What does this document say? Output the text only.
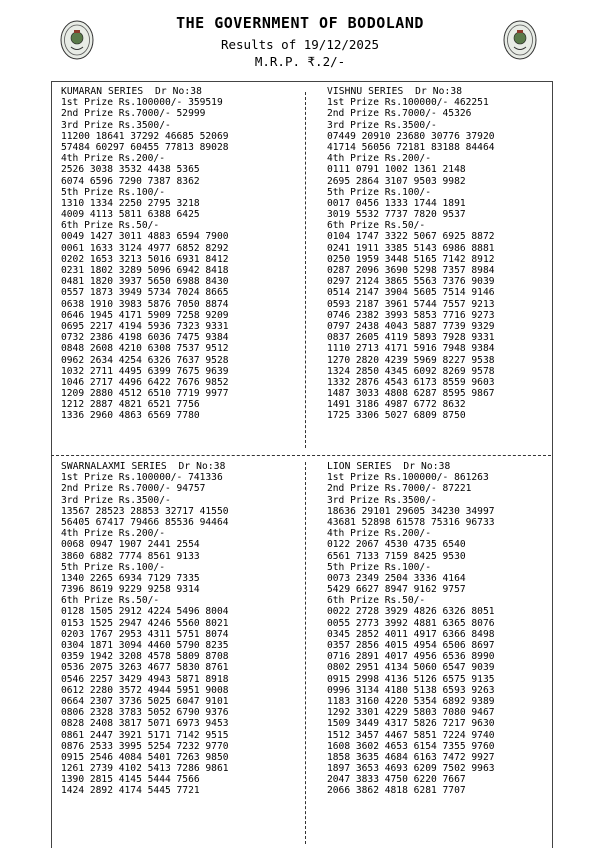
THE GOVERNMENT OF BODOLAND
Results of 19/12/2025
M.R.P. ₹.2/-
KUMARAN SERIES  Dr No:38
1st Prize Rs.100000/- 359519
2nd Prize Rs.7000/- 52999
3rd Prize Rs.3500/-
11200 18641 37292 46685 52069
57484 60297 60455 77813 89028
4th Prize Rs.200/-
2526 3038 3532 4438 5365
6074 6596 7290 7387 8362
5th Prize Rs.100/-
1310 1334 2250 2795 3218
4009 4113 5811 6388 6425
6th Prize Rs.50/-
0049 1427 3011 4883 6594 7900
0061 1633 3124 4977 6852 8292
0202 1653 3213 5016 6931 8412
0231 1802 3289 5096 6942 8418
0481 1820 3937 5650 6988 8430
0557 1873 3949 5734 7024 8665
0638 1910 3983 5876 7050 8874
0646 1945 4171 5909 7258 9209
0695 2217 4194 5936 7323 9331
0732 2386 4198 6036 7475 9384
0848 2608 4210 6308 7537 9512
0962 2634 4254 6326 7637 9528
1032 2711 4495 6399 7675 9639
1046 2717 4496 6422 7676 9852
1209 2880 4512 6510 7719 9977
1212 2887 4821 6521 7756
1336 2960 4863 6569 7780
VISHNU SERIES  Dr No:38
1st Prize Rs.100000/- 462251
2nd Prize Rs.7000/- 45326
3rd Prize Rs.3500/-
07449 20910 23680 30776 37920
41714 56056 72181 83188 84464
4th Prize Rs.200/-
0111 0791 1002 1361 2148
2695 2864 3107 9503 9982
5th Prize Rs.100/-
0017 0456 1333 1744 1891
3019 5532 7737 7820 9537
6th Prize Rs.50/-
0104 1747 3322 5067 6925 8872
0241 1911 3385 5143 6986 8881
0250 1959 3448 5165 7142 8912
0287 2096 3690 5298 7357 8984
0297 2124 3865 5563 7376 9039
0514 2147 3904 5605 7514 9146
0593 2187 3961 5744 7557 9213
0746 2382 3993 5853 7716 9273
0797 2438 4043 5887 7739 9329
0837 2605 4119 5893 7928 9331
1110 2713 4171 5916 7948 9384
1270 2820 4239 5969 8227 9538
1324 2850 4345 6092 8269 9578
1332 2876 4543 6173 8559 9603
1487 3033 4808 6287 8595 9867
1491 3186 4987 6772 8632
1725 3306 5027 6809 8750
SWARNALAXMI SERIES  Dr No:38
1st Prize Rs.100000/- 741336
2nd Prize Rs.7000/- 94757
3rd Prize Rs.3500/-
13567 28523 28853 32717 41550
56405 67417 79466 85536 94464
4th Prize Rs.200/-
0068 0947 1907 2441 2554
3860 6882 7774 8561 9133
5th Prize Rs.100/-
1340 2265 6934 7129 7335
7396 8619 9229 9258 9314
6th Prize Rs.50/-
0128 1505 2912 4224 5496 8004
0153 1525 2947 4246 5560 8021
0203 1767 2953 4311 5751 8074
0304 1871 3094 4460 5790 8235
0359 1942 3208 4578 5809 8708
0536 2075 3263 4677 5830 8761
0546 2257 3429 4943 5871 8918
0612 2280 3572 4944 5951 9008
0664 2307 3736 5025 6047 9101
0806 2328 3783 5052 6790 9376
0828 2408 3817 5071 6973 9453
0861 2447 3921 5171 7142 9515
0876 2533 3995 5254 7232 9770
0915 2546 4084 5401 7263 9850
1261 2739 4102 5413 7286 9861
1390 2815 4145 5444 7566
1424 2892 4174 5445 7721
LION SERIES  Dr No:38
1st Prize Rs.100000/- 861263
2nd Prize Rs.7000/- 87221
3rd Prize Rs.3500/-
18636 29101 29605 34230 34997
43681 52898 61578 75316 96733
4th Prize Rs.200/-
0122 2067 4530 4735 6540
6561 7133 7159 8425 9530
5th Prize Rs.100/-
0073 2349 2504 3336 4164
5429 6627 8947 9162 9757
6th Prize Rs.50/-
0022 2728 3929 4826 6326 8051
0055 2773 3992 4881 6365 8076
0345 2852 4011 4917 6366 8498
0357 2856 4015 4954 6506 8697
0716 2891 4017 4956 6536 8990
0802 2951 4134 5060 6547 9039
0915 2998 4136 5126 6575 9135
0996 3134 4180 5138 6593 9263
1183 3160 4220 5354 6892 9389
1292 3301 4229 5803 7080 9467
1509 3449 4317 5826 7217 9630
1512 3457 4467 5851 7224 9740
1608 3602 4653 6154 7355 9760
1858 3635 4684 6163 7472 9927
1897 3653 4693 6209 7502 9963
2047 3833 4750 6220 7667
2066 3862 4818 6281 7707
